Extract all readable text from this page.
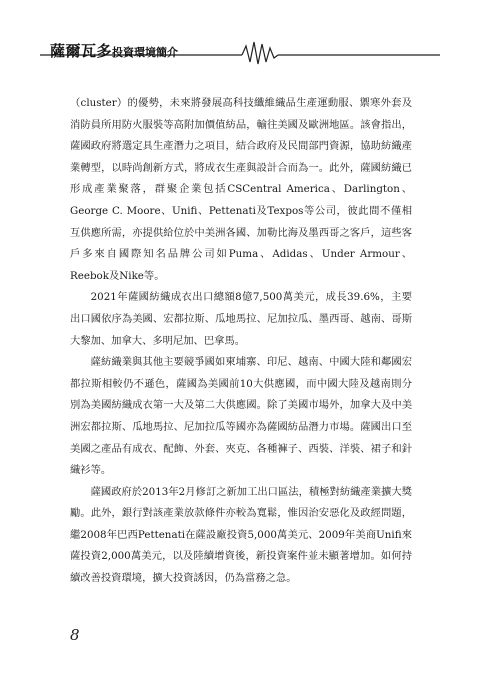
薩爾瓦多投資環境簡介

（cluster）的優勢，未來將發展高科技纖維織品生產運動服、禦寒外套及消防員所用防火服裝等高附加價值紡品，輸往美國及歐洲地區。該會指出，薩國政府將選定具生產潛力之項目，結合政府及民間部門資源，協助紡織產業轉型，以時尚創新方式，將成衣生產與設計合而為一。此外，薩國紡織已形成產業聚落，群聚企業包括CSCentral America、Darlington、George C. Moore、Unifi、Pettenati及Texpos等公司，彼此間不僅相互供應所需，亦提供給位於中美洲各國、加勒比海及墨西哥之客戶，這些客戶多來自國際知名品牌公司如Puma、Adidas、Under Armour、Reebok及Nike等。

2021年薩國紡織成衣出口總額8億7,500萬美元，成長39.6%，主要出口國依序為美國、宏都拉斯、瓜地馬拉、尼加拉瓜、墨西哥、越南、哥斯大黎加、加拿大、多明尼加、巴拿馬。

薩紡織業與其他主要競爭國如柬埔寨、印尼、越南、中國大陸和鄰國宏都拉斯相較仍不遜色，薩國為美國前10大供應國，而中國大陸及越南則分別為美國紡織成衣第一大及第二大供應國。除了美國市場外，加拿大及中美洲宏都拉斯、瓜地馬拉、尼加拉瓜等國亦為薩國紡品潛力市場。薩國出口至美國之產品有成衣、配飾、外套、夾克、各種褲子、西裝、洋裝、裙子和針織衫等。

薩國政府於2013年2月修訂之新加工出口區法，積極對紡織產業擴大獎勵。此外，銀行對該產業放款條件亦較為寬鬆，惟因治安惡化及政經問題，繼2008年巴西Pettenati在薩設廠投資5,000萬美元、2009年美商Unifi來薩投資2,000萬美元，以及陸續增資後，新投資案件並未顯著增加。如何持續改善投資環境，擴大投資誘因，仍為當務之急。

8
